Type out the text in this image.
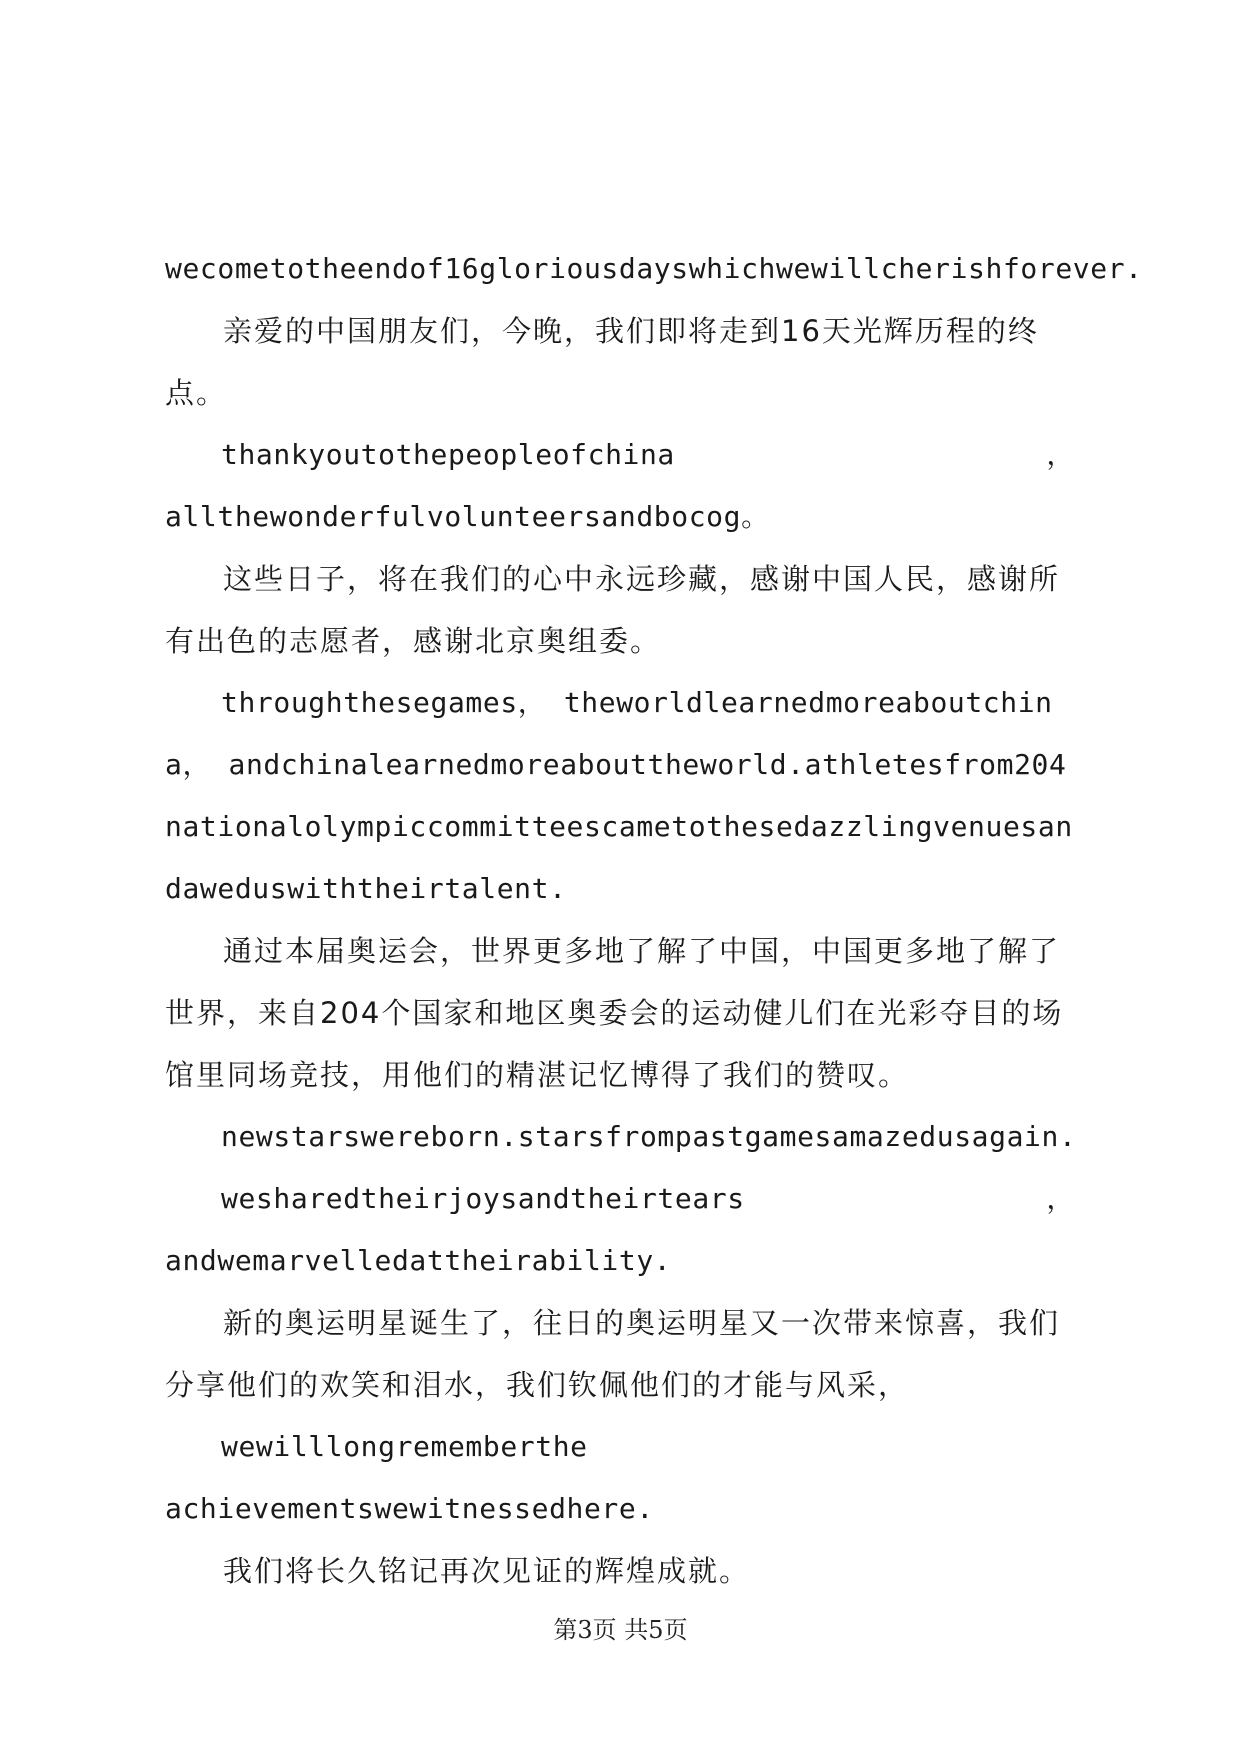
wecometotheendof16gloriousdayswhichwewillcherishforever.

亲爱的中国朋友们，今晚，我们即将走到16天光辉历程的终点。

thankyoutothepeopleofchina	，

allthewonderfulvolunteersandbocog。

这些日子，将在我们的心中永远珍藏，感谢中国人民，感谢所有出色的志愿者，感谢北京奥组委。

throughthesegames， theworldlearnedmoreaboutchina， andchinalearnedmoreabouttheworld.athletesfrom204nationalolympiccommitteescametothesedazzlingvenuesandaweduswiththeirtalent.

通过本届奥运会，世界更多地了解了中国，中国更多地了解了世界，来自204个国家和地区奥委会的运动健儿们在光彩夺目的场馆里同场竞技，用他们的精湛记忆博得了我们的赞叹。

newstarswereborn.starsfrompastgamesamazedusagain.

wesharedtheirjoysandtheirtears	，

andwemarvelledattheirability.

新的奥运明星诞生了，往日的奥运明星又一次带来惊喜，我们分享他们的欢笑和泪水，我们钦佩他们的才能与风采，

wewilllongrememberthe achievementswewitnessedhere.

我们将长久铭记再次见证的辉煌成就。

第3页 共5页
